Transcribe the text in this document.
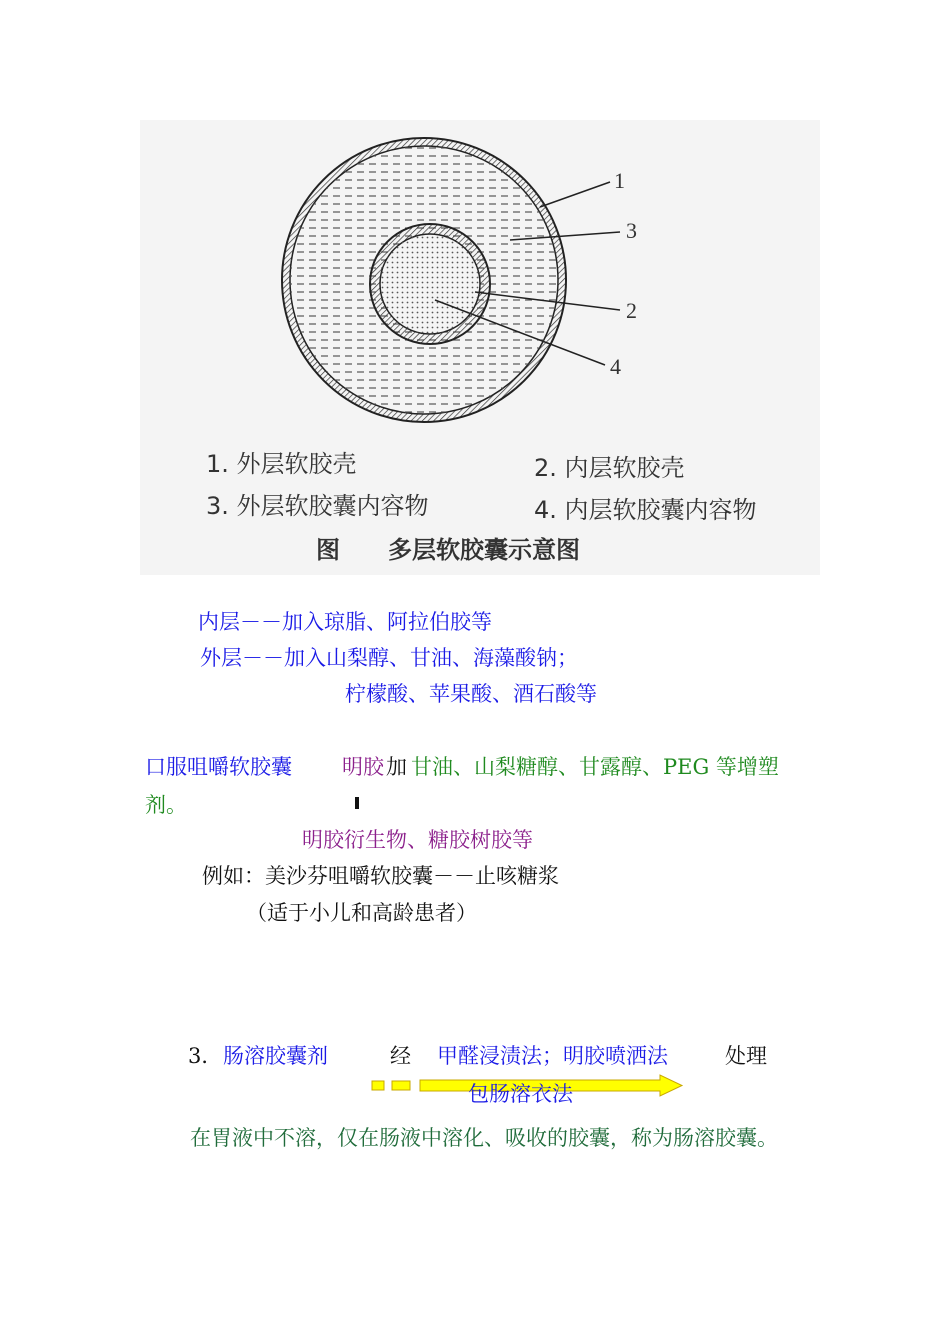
1
3
2
4
1. 外层软胶壳	2. 内层软胶壳
3. 外层软胶囊内容物	4. 内层软胶囊内容物
图 多层软胶囊示意图
内层－－加入琼脂、阿拉伯胶等
外层－－加入山梨醇、甘油、海藻酸钠；
柠檬酸、苹果酸、酒石酸等
口服咀嚼软胶囊 明胶 加 甘油、山梨糖醇、甘露醇、PEG 等增塑
剂。
明胶衍生物、糖胶树胶等
例如：美沙芬咀嚼软胶囊－－止咳糖浆
（适于小儿和高龄患者）
3． 肠溶胶囊剂	经 甲醛浸渍法；明胶喷洒法	处理
包肠溶衣法
在胃液中不溶，仅在肠液中溶化、吸收的胶囊，称为肠溶胶囊。
